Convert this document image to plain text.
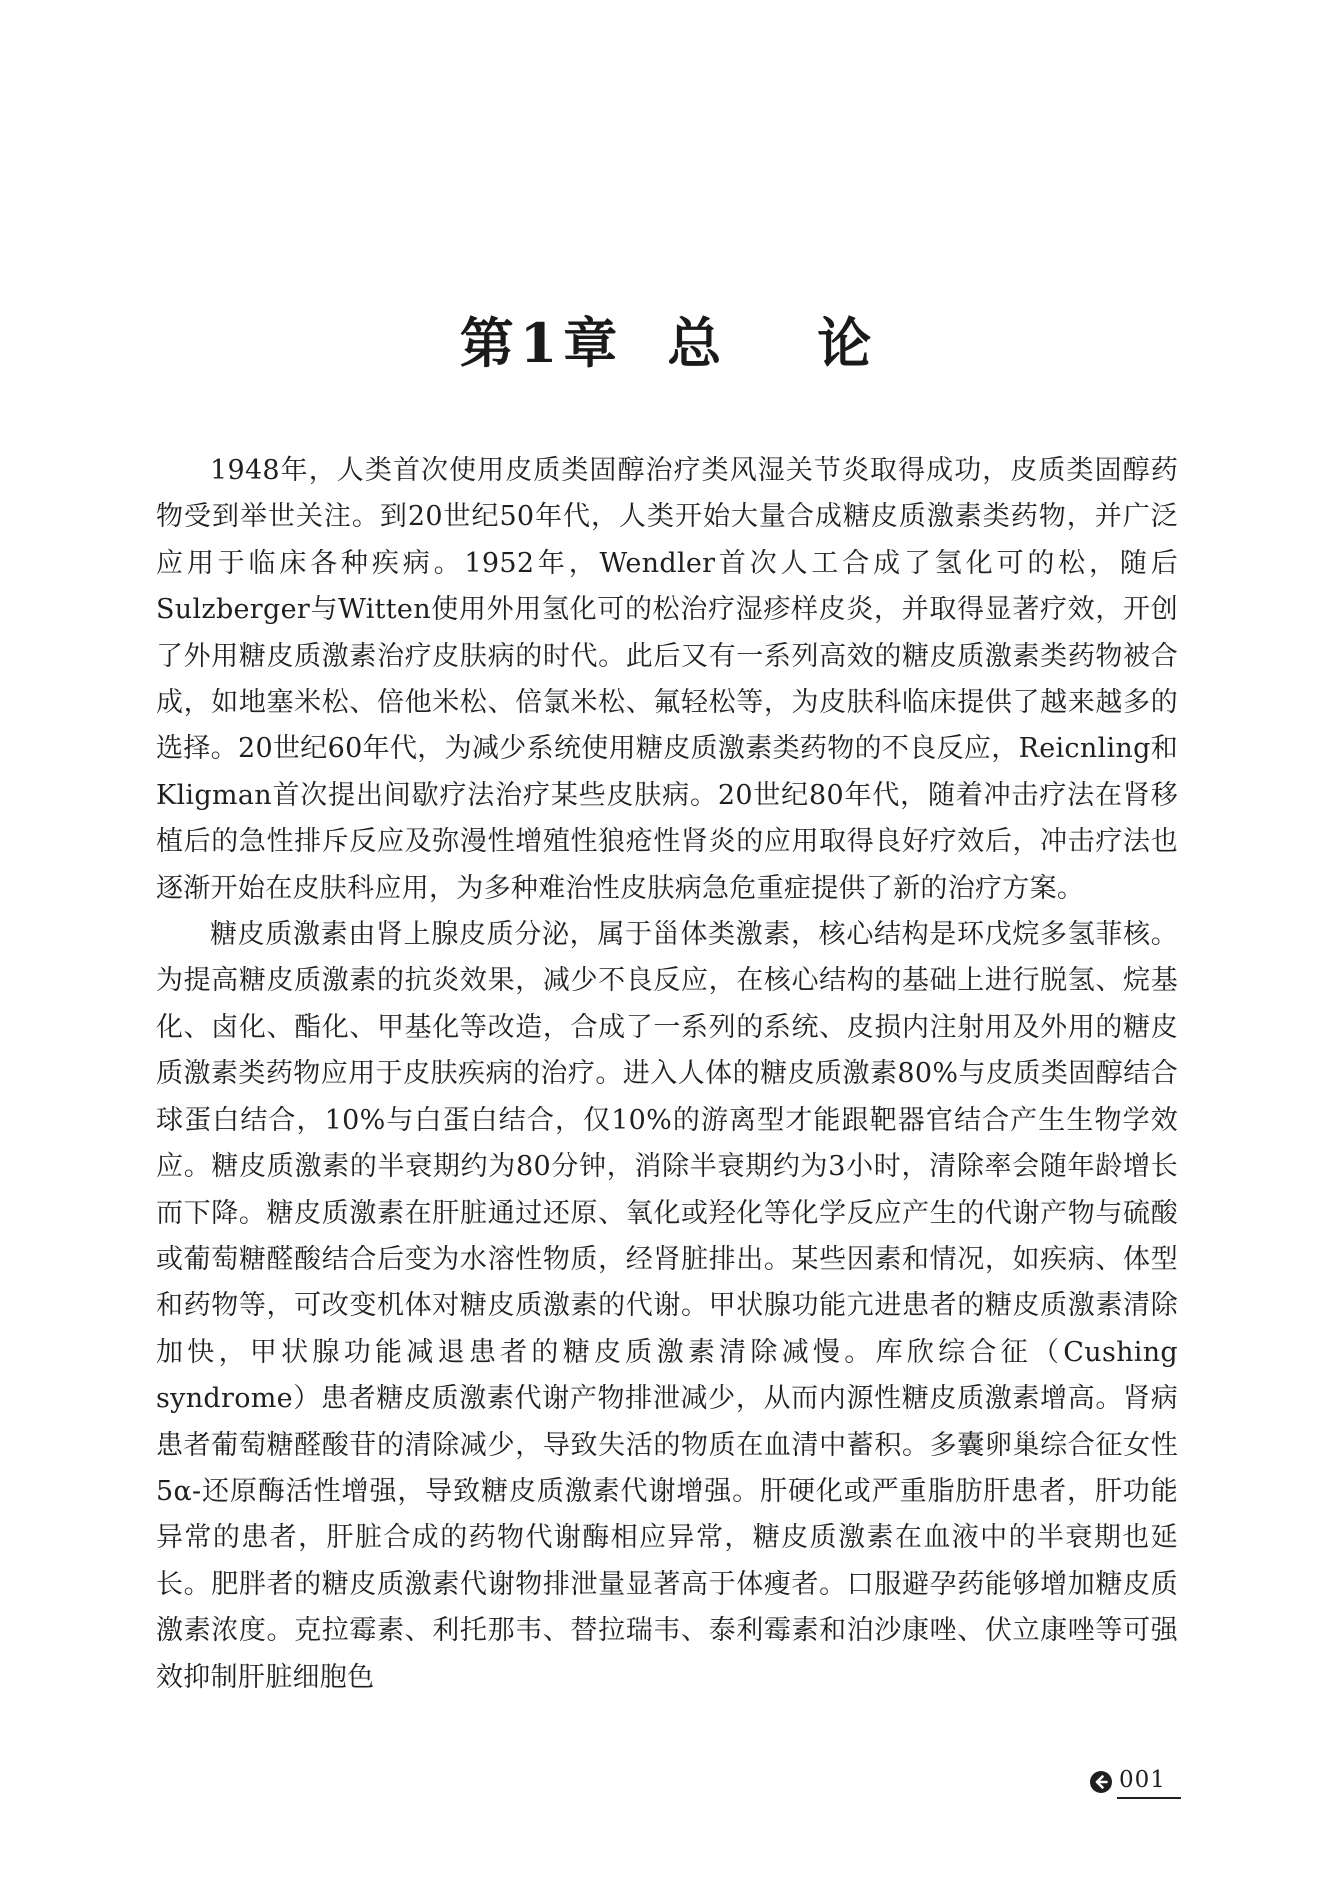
第 1 章 总 论

1948年，人类首次使用皮质类固醇治疗类风湿关节炎取得成功，皮质类固醇药物受到举世关注。到20世纪50年代，人类开始大量合成糖皮质激素类药物，并广泛应用于临床各种疾病。1952年，Wendler首次人工合成了氢化可的松，随后Sulzberger与Witten使用外用氢化可的松治疗湿疹样皮炎，并取得显著疗效，开创了外用糖皮质激素治疗皮肤病的时代。此后又有一系列高效的糖皮质激素类药物被合成，如地塞米松、倍他米松、倍氯米松、氟轻松等，为皮肤科临床提供了越来越多的选择。20世纪60年代，为减少系统使用糖皮质激素类药物的不良反应，Reicnling和Kligman首次提出间歇疗法治疗某些皮肤病。20世纪80年代，随着冲击疗法在肾移植后的急性排斥反应及弥漫性增殖性狼疮性肾炎的应用取得良好疗效后，冲击疗法也逐渐开始在皮肤科应用，为多种难治性皮肤病急危重症提供了新的治疗方案。

糖皮质激素由肾上腺皮质分泌，属于甾体类激素，核心结构是环戊烷多氢菲核。为提高糖皮质激素的抗炎效果，减少不良反应，在核心结构的基础上进行脱氢、烷基化、卤化、酯化、甲基化等改造，合成了一系列的系统、皮损内注射用及外用的糖皮质激素类药物应用于皮肤疾病的治疗。进入人体的糖皮质激素80%与皮质类固醇结合球蛋白结合，10%与白蛋白结合，仅10%的游离型才能跟靶器官结合产生生物学效应。糖皮质激素的半衰期约为80分钟，消除半衰期约为3小时，清除率会随年龄增长而下降。糖皮质激素在肝脏通过还原、氧化或羟化等化学反应产生的代谢产物与硫酸或葡萄糖醛酸结合后变为水溶性物质，经肾脏排出。某些因素和情况，如疾病、体型和药物等，可改变机体对糖皮质激素的代谢。甲状腺功能亢进患者的糖皮质激素清除加快，甲状腺功能减退患者的糖皮质激素清除减慢。库欣综合征（Cushing syndrome）患者糖皮质激素代谢产物排泄减少，从而内源性糖皮质激素增高。肾病患者葡萄糖醛酸苷的清除减少，导致失活的物质在血清中蓄积。多囊卵巢综合征女性5α-还原酶活性增强，导致糖皮质激素代谢增强。肝硬化或严重脂肪肝患者，肝功能异常的患者，肝脏合成的药物代谢酶相应异常，糖皮质激素在血液中的半衰期也延长。肥胖者的糖皮质激素代谢物排泄量显著高于体瘦者。口服避孕药能够增加糖皮质激素浓度。克拉霉素、利托那韦、替拉瑞韦、泰利霉素和泊沙康唑、伏立康唑等可强效抑制肝脏细胞色

001
